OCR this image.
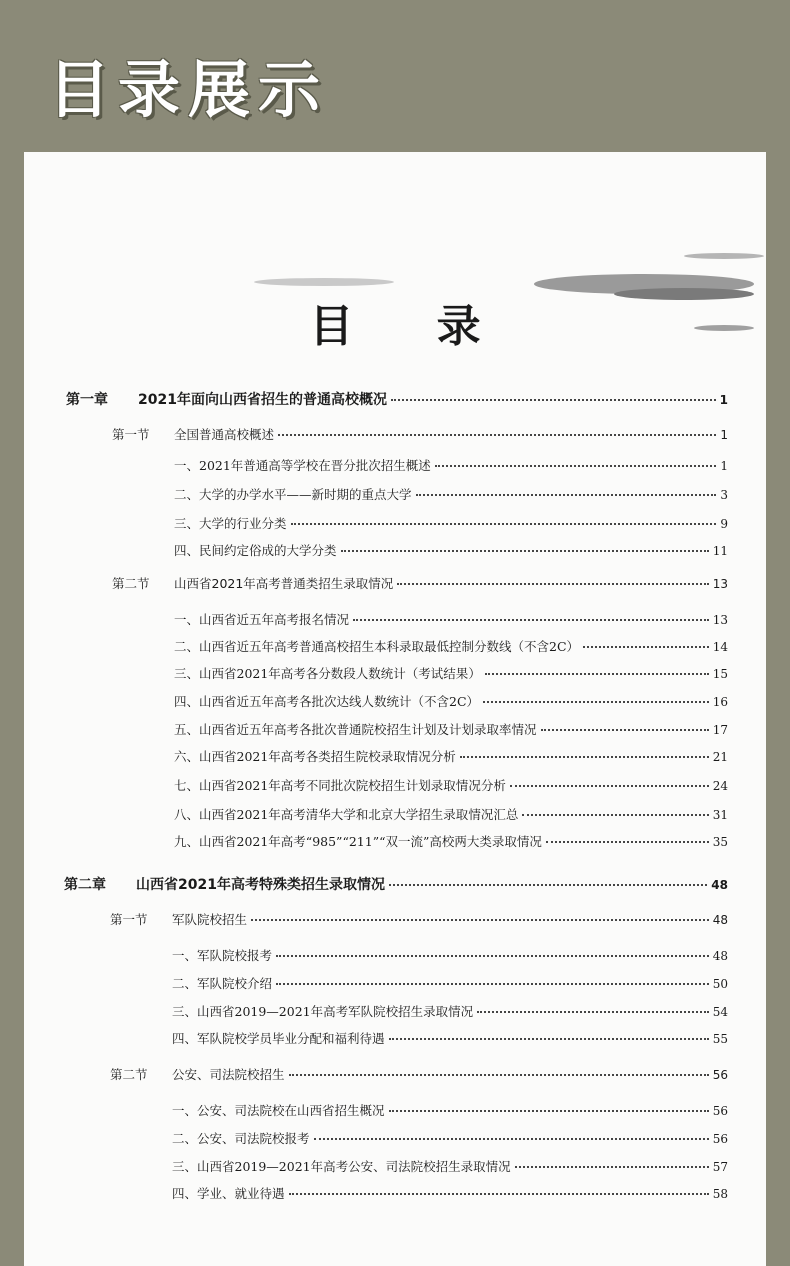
目录展示
目 录
第一章	2021年面向山西省招生的普通高校概况	1
第一节	全国普通高校概述	1
一、2021年普通高等学校在晋分批次招生概述	1
二、大学的办学水平——新时期的重点大学	3
三、大学的行业分类	9
四、民间约定俗成的大学分类	11
第二节	山西省2021年高考普通类招生录取情况	13
一、山西省近五年高考报名情况	13
二、山西省近五年高考普通高校招生本科录取最低控制分数线（不含2C）	14
三、山西省2021年高考各分数段人数统计（考试结果）	15
四、山西省近五年高考各批次达线人数统计（不含2C）	16
五、山西省近五年高考各批次普通院校招生计划及计划录取率情况	17
六、山西省2021年高考各类招生院校录取情况分析	21
七、山西省2021年高考不同批次院校招生计划录取情况分析	24
八、山西省2021年高考清华大学和北京大学招生录取情况汇总	31
九、山西省2021年高考“985”“211”“双一流”高校两大类录取情况	35
第二章	山西省2021年高考特殊类招生录取情况	48
第一节	军队院校招生	48
一、军队院校报考	48
二、军队院校介绍	50
三、山西省2019—2021年高考军队院校招生录取情况	54
四、军队院校学员毕业分配和福利待遇	55
第二节	公安、司法院校招生	56
一、公安、司法院校在山西省招生概况	56
二、公安、司法院校报考	56
三、山西省2019—2021年高考公安、司法院校招生录取情况	57
四、学业、就业待遇	58
